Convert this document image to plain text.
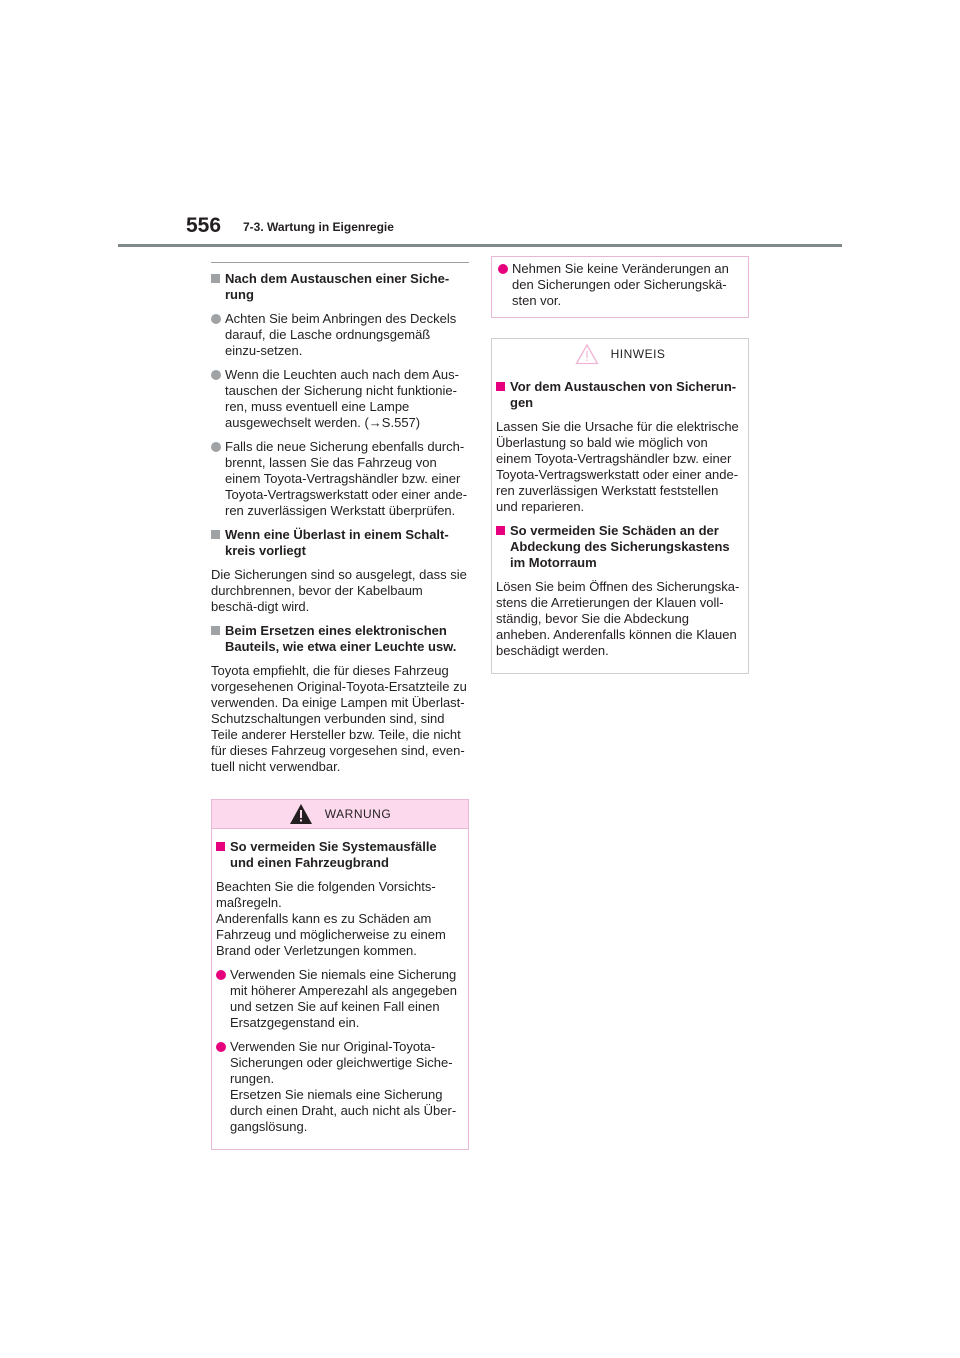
556 7-3. Wartung in Eigenregie
Nach dem Austauschen einer Siche-rung
Achten Sie beim Anbringen des Deckels darauf, die Lasche ordnungsgemäß einzu-setzen.
Wenn die Leuchten auch nach dem Aus-tauschen der Sicherung nicht funktionie-ren, muss eventuell eine Lampe ausgewechselt werden. (→S.557)
Falls die neue Sicherung ebenfalls durch-brennt, lassen Sie das Fahrzeug von einem Toyota-Vertragshändler bzw. einer Toyota-Vertragswerkstatt oder einer ande-ren zuverlässigen Werkstatt überprüfen.
Wenn eine Überlast in einem Schalt-kreis vorliegt
Die Sicherungen sind so ausgelegt, dass sie durchbrennen, bevor der Kabelbaum beschä-digt wird.
Beim Ersetzen eines elektronischen Bauteils, wie etwa einer Leuchte usw.
Toyota empfiehlt, die für dieses Fahrzeug vorgesehenen Original-Toyota-Ersatzteile zu verwenden. Da einige Lampen mit Überlast-Schutzschaltungen verbunden sind, sind Teile anderer Hersteller bzw. Teile, die nicht für dieses Fahrzeug vorgesehen sind, even-tuell nicht verwendbar.
WARNUNG
So vermeiden Sie Systemausfälle und einen Fahrzeugbrand
Beachten Sie die folgenden Vorsichts-maßregeln.
Anderenfalls kann es zu Schäden am Fahrzeug und möglicherweise zu einem Brand oder Verletzungen kommen.
Verwenden Sie niemals eine Sicherung mit höherer Amperezahl als angegeben und setzen Sie auf keinen Fall einen Ersatzgegenstand ein.
Verwenden Sie nur Original-Toyota-Sicherungen oder gleichwertige Siche-rungen.
Ersetzen Sie niemals eine Sicherung durch einen Draht, auch nicht als Über-gangslösung.
Nehmen Sie keine Veränderungen an den Sicherungen oder Sicherungskä-sten vor.
HINWEIS
Vor dem Austauschen von Sicherun-gen
Lassen Sie die Ursache für die elektrische Überlastung so bald wie möglich von einem Toyota-Vertragshändler bzw. einer Toyota-Vertragswerkstatt oder einer ande-ren zuverlässigen Werkstatt feststellen und reparieren.
So vermeiden Sie Schäden an der Abdeckung des Sicherungskastens im Motorraum
Lösen Sie beim Öffnen des Sicherungska-stens die Arretierungen der Klauen voll-ständig, bevor Sie die Abdeckung anheben. Anderenfalls können die Klauen beschädigt werden.
